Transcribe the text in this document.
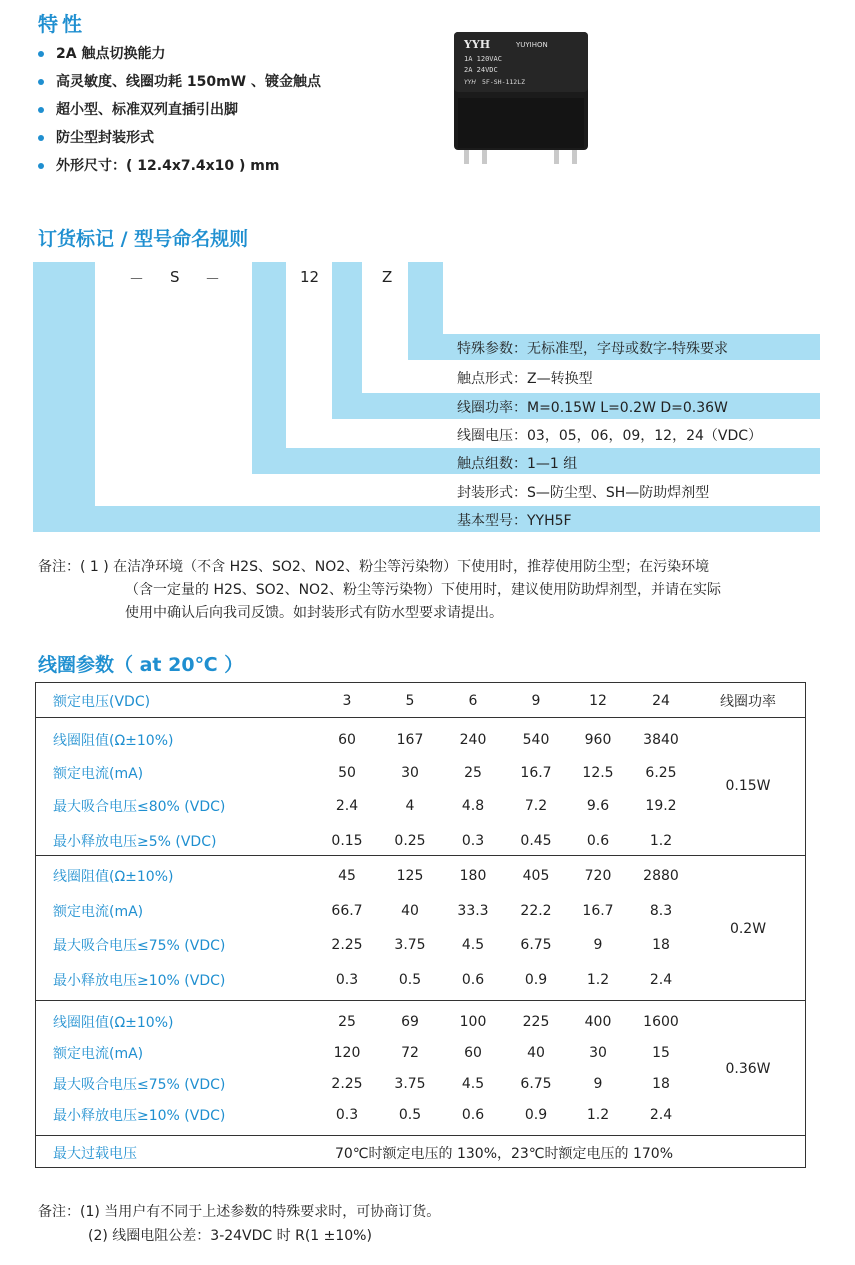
特性
2A 触点切换能力
高灵敏度、线圈功耗 150mW 、镀金触点
超小型、标准双列直插引出脚
防尘型封装形式
外形尺寸：( 12.4x7.4x10 ) mm
YYH	YUYIHON
1A 120VAC
2A 24VDC
YYH 5F-SH-112LZ
订货标记 / 型号命名规则
－ S －	12	Z
特殊参数：无标准型，字母或数字-特殊要求
触点形式：Z—转换型
线圈功率：M=0.15W L=0.2W D=0.36W
线圈电压：03，05，06，09，12，24（VDC）
触点组数：1—1 组
封装形式：S—防尘型、SH—防助焊剂型
基本型号：YYH5F
备注：( 1 ) 在洁净环境（不含 H2S、SO2、NO2、粉尘等污染物）下使用时，推荐使用防尘型；在污染环境
（含一定量的 H2S、SO2、NO2、粉尘等污染物）下使用时，建议使用防助焊剂型，并请在实际
使用中确认后向我司反馈。如封装形式有防水型要求请提出。
线圈参数（ at 20℃ ）
额定电压(VDC)	3	5	6	9	12	24	线圈功率
线圈阻值(Ω±10%)	60	167	240	540	960 3840
额定电流(mA)	50	30	25	16.7 12.5 6.25
最大吸合电压≤80% (VDC)	2.4	4	4.8	7.2	9.6	19.2
最小释放电压≥5% (VDC)	0.15 0.25	0.3	0.45	0.6	1.2
0.15W
线圈阻值(Ω±10%)	45	125	180	405	720 2880
额定电流(mA)	66.7	40	33.3 22.2 16.7	8.3
最大吸合电压≤75% (VDC)	2.25 3.75	4.5	6.75	9	18
最小释放电压≥10% (VDC)	0.3	0.5	0.6	0.9	1.2	2.4
0.2W
线圈阻值(Ω±10%)	25	69	100	225	400 1600
额定电流(mA)	120	72	60	40	30	15
最大吸合电压≤75% (VDC)	2.25 3.75	4.5	6.75	9	18
最小释放电压≥10% (VDC)	0.3	0.5	0.6	0.9	1.2	2.4
0.36W
最大过载电压	70℃时额定电压的 130%，23℃时额定电压的 170%
备注：(1) 当用户有不同于上述参数的特殊要求时，可协商订货。
(2) 线圈电阻公差：3-24VDC 时 R(1 ±10%)
